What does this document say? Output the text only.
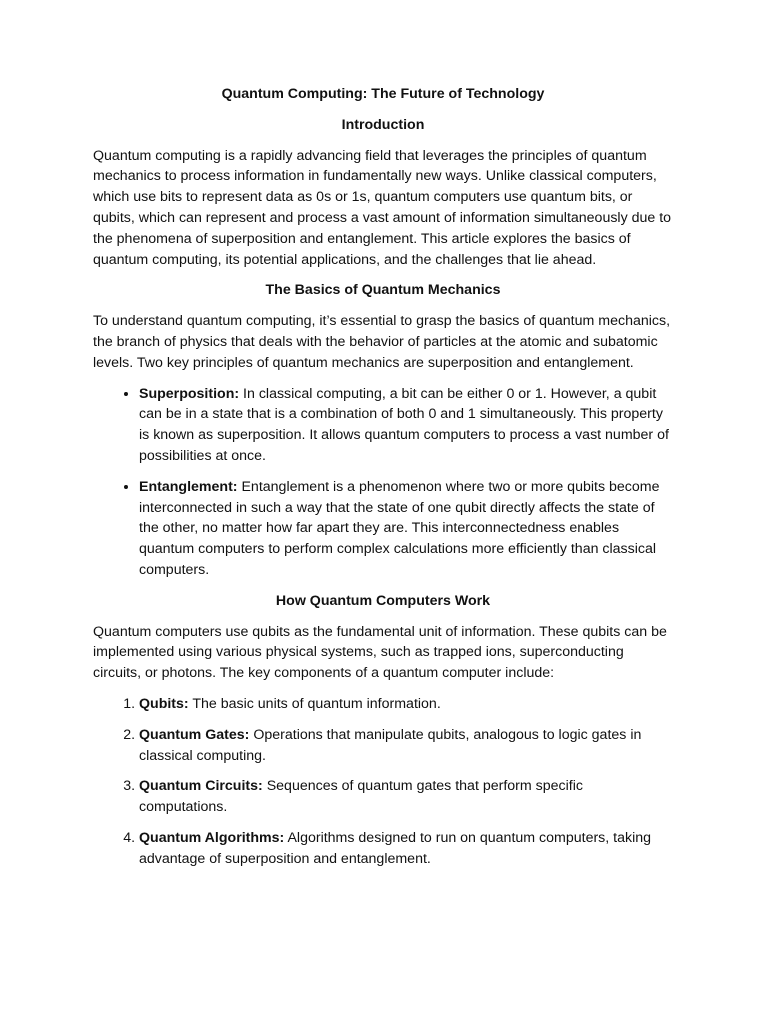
Quantum Computing: The Future of Technology

Introduction

Quantum computing is a rapidly advancing field that leverages the principles of quantum mechanics to process information in fundamentally new ways. Unlike classical computers, which use bits to represent data as 0s or 1s, quantum computers use quantum bits, or qubits, which can represent and process a vast amount of information simultaneously due to the phenomena of superposition and entanglement. This article explores the basics of quantum computing, its potential applications, and the challenges that lie ahead.

The Basics of Quantum Mechanics

To understand quantum computing, it’s essential to grasp the basics of quantum mechanics, the branch of physics that deals with the behavior of particles at the atomic and subatomic levels. Two key principles of quantum mechanics are superposition and entanglement.

• Superposition: In classical computing, a bit can be either 0 or 1. However, a qubit can be in a state that is a combination of both 0 and 1 simultaneously. This property is known as superposition. It allows quantum computers to process a vast number of possibilities at once.
• Entanglement: Entanglement is a phenomenon where two or more qubits become interconnected in such a way that the state of one qubit directly affects the state of the other, no matter how far apart they are. This interconnectedness enables quantum computers to perform complex calculations more efficiently than classical computers.

How Quantum Computers Work

Quantum computers use qubits as the fundamental unit of information. These qubits can be implemented using various physical systems, such as trapped ions, superconducting circuits, or photons. The key components of a quantum computer include:

1. Qubits: The basic units of quantum information.
2. Quantum Gates: Operations that manipulate qubits, analogous to logic gates in classical computing.
3. Quantum Circuits: Sequences of quantum gates that perform specific computations.
4. Quantum Algorithms: Algorithms designed to run on quantum computers, taking advantage of superposition and entanglement.
